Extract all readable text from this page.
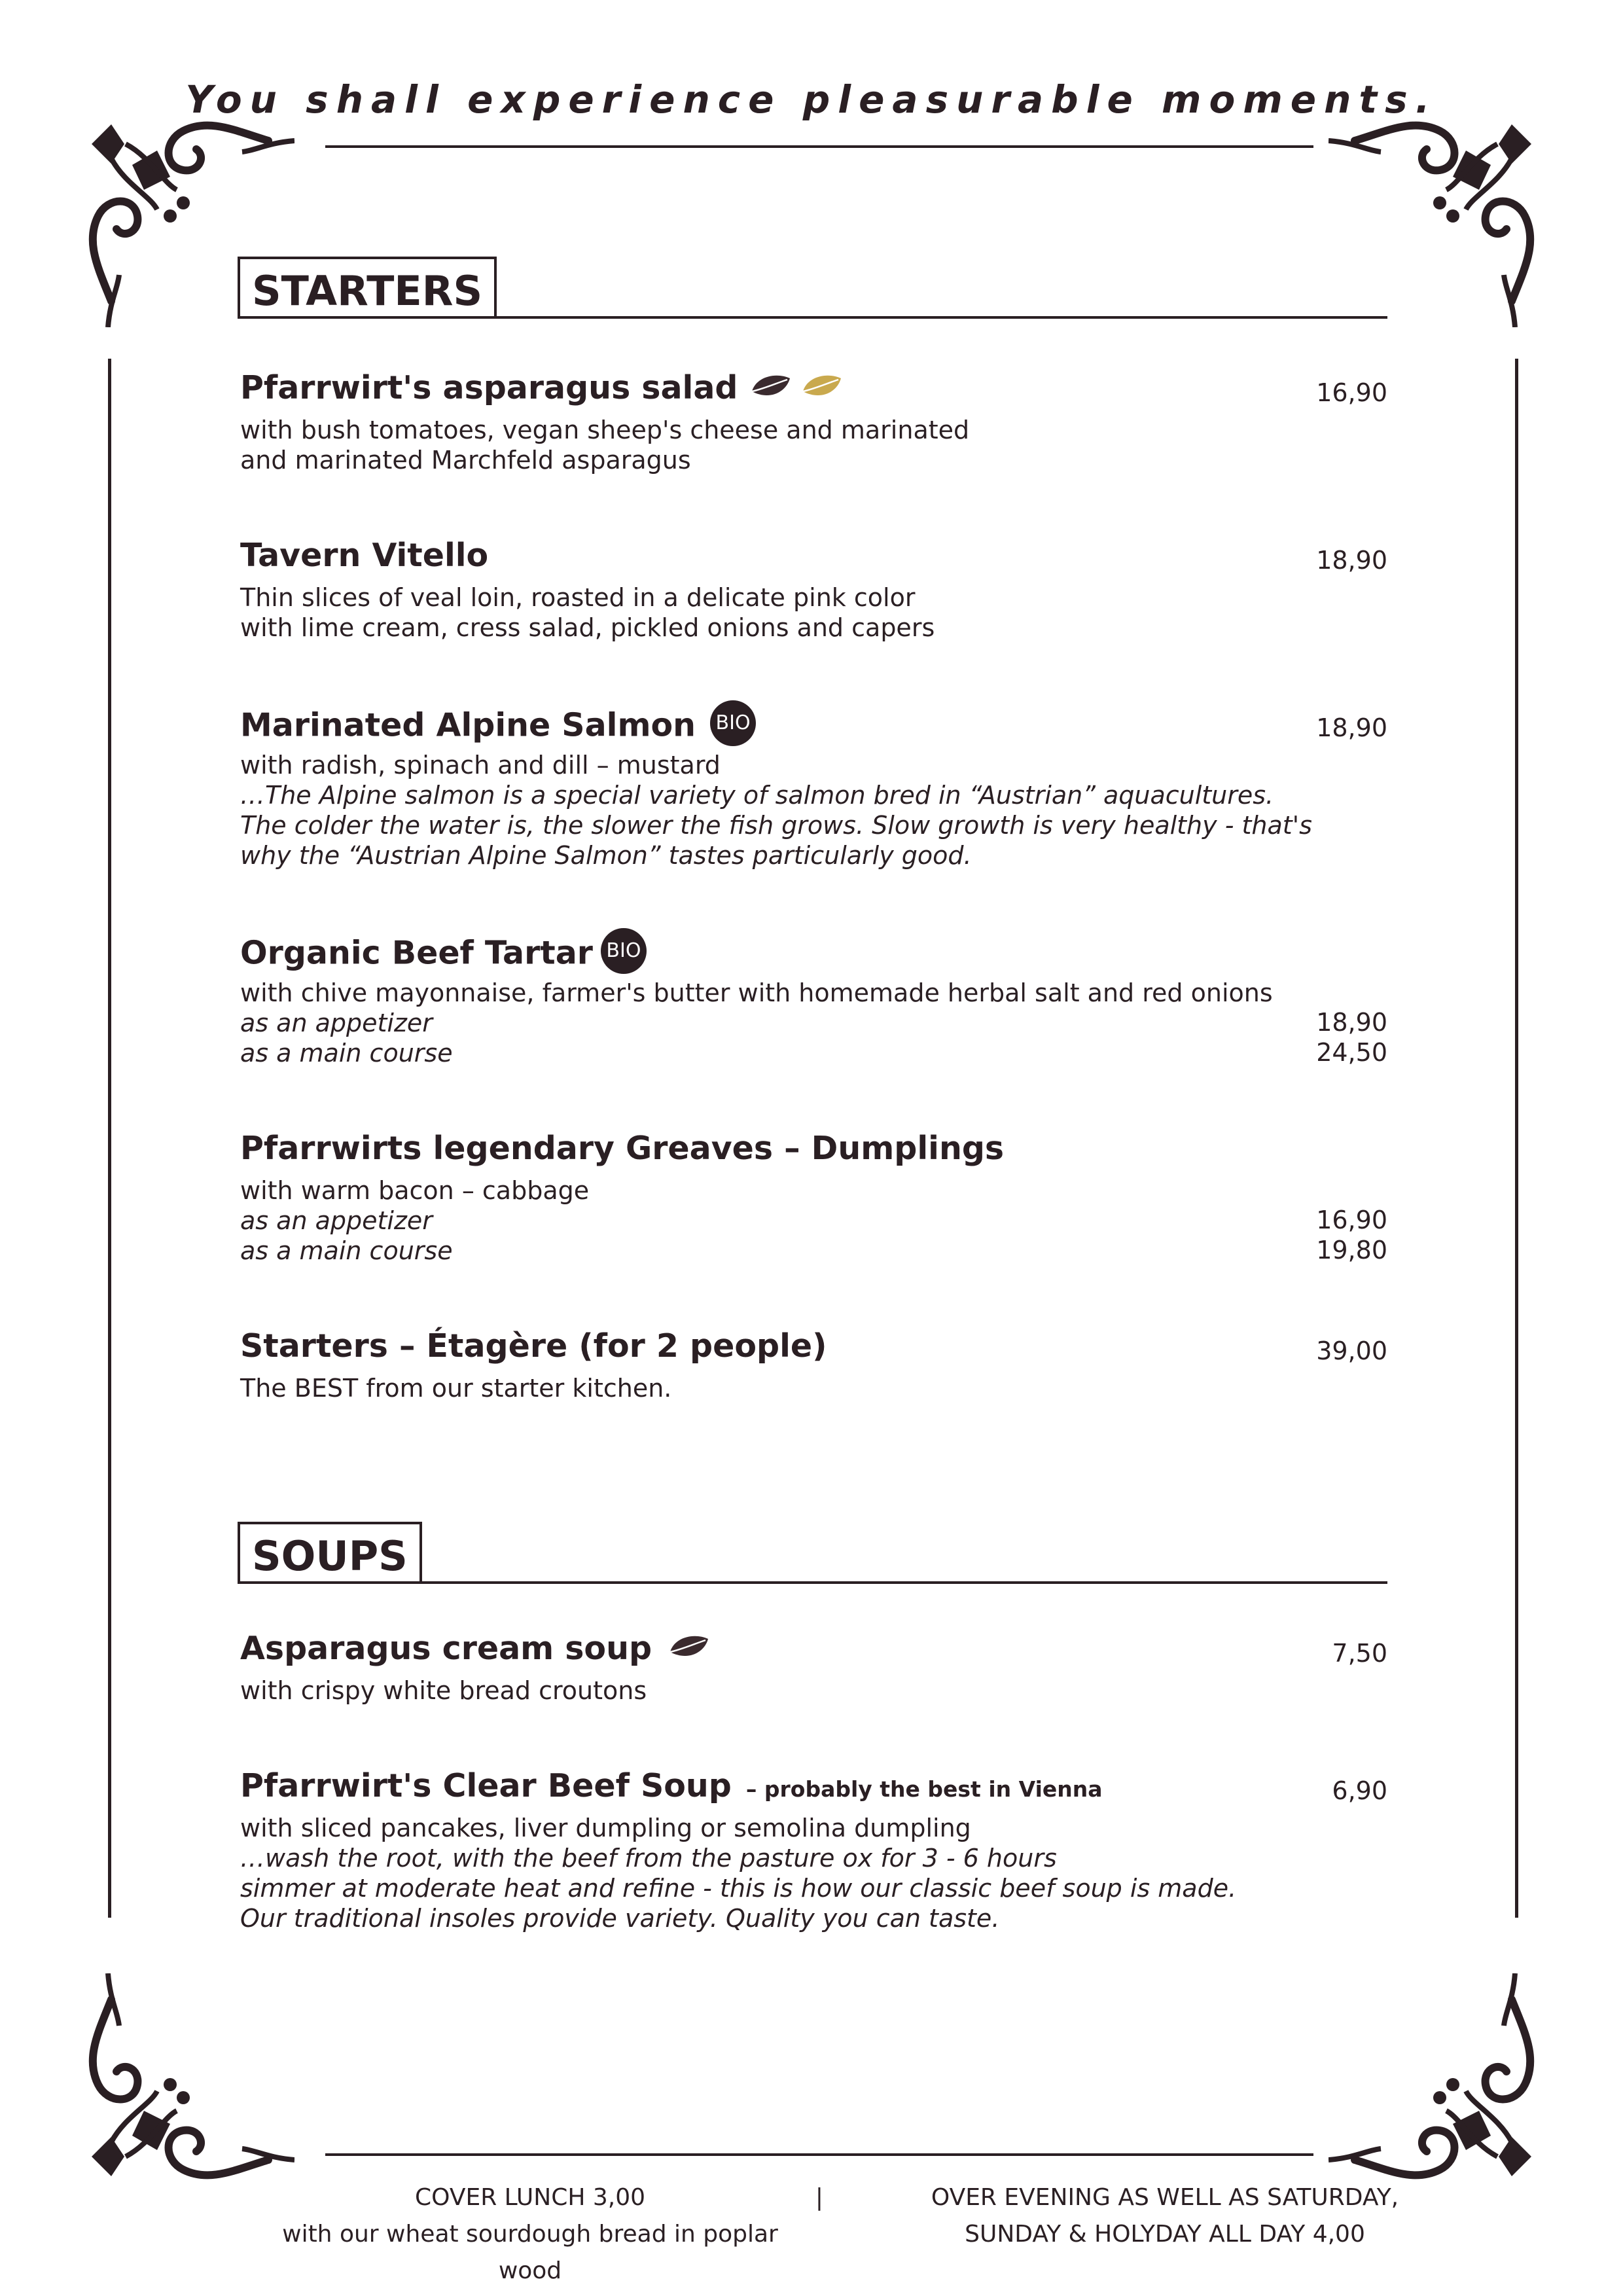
You shall experience pleasurable moments.
STARTERS
Pfarrwirt's asparagus salad	16,90
with bush tomatoes, vegan sheep's cheese and marinated
and marinated Marchfeld asparagus
Tavern Vitello	18,90
Thin slices of veal loin, roasted in a delicate pink color
with lime cream, cress salad, pickled onions and capers
Marinated Alpine Salmon BIO	18,90
with radish, spinach and dill – mustard
…The Alpine salmon is a special variety of salmon bred in “Austrian” aquacultures.
The colder the water is, the slower the fish grows. Slow growth is very healthy - that's
why the “Austrian Alpine Salmon” tastes particularly good.
Organic Beef Tartar BIO
with chive mayonnaise, farmer's butter with homemade herbal salt and red onions
as an appetizer	18,90
as a main course	24,50
Pfarrwirts legendary Greaves – Dumplings
with warm bacon – cabbage
as an appetizer	16,90
as a main course	19,80
Starters – Étagère (for 2 people)	39,00
The BEST from our starter kitchen.
SOUPS
Asparagus cream soup	7,50
with crispy white bread croutons
Pfarrwirt's Clear Beef Soup – probably the best in Vienna	6,90
with sliced pancakes, liver dumpling or semolina dumpling
…wash the root, with the beef from the pasture ox for 3 - 6 hours
simmer at moderate heat and refine - this is how our classic beef soup is made.
Our traditional insoles provide variety. Quality you can taste.
COVER LUNCH 3,00
with our wheat sourdough bread in poplar wood
|	OVER EVENING AS WELL AS SATURDAY,
SUNDAY & HOLYDAY ALL DAY 4,00
